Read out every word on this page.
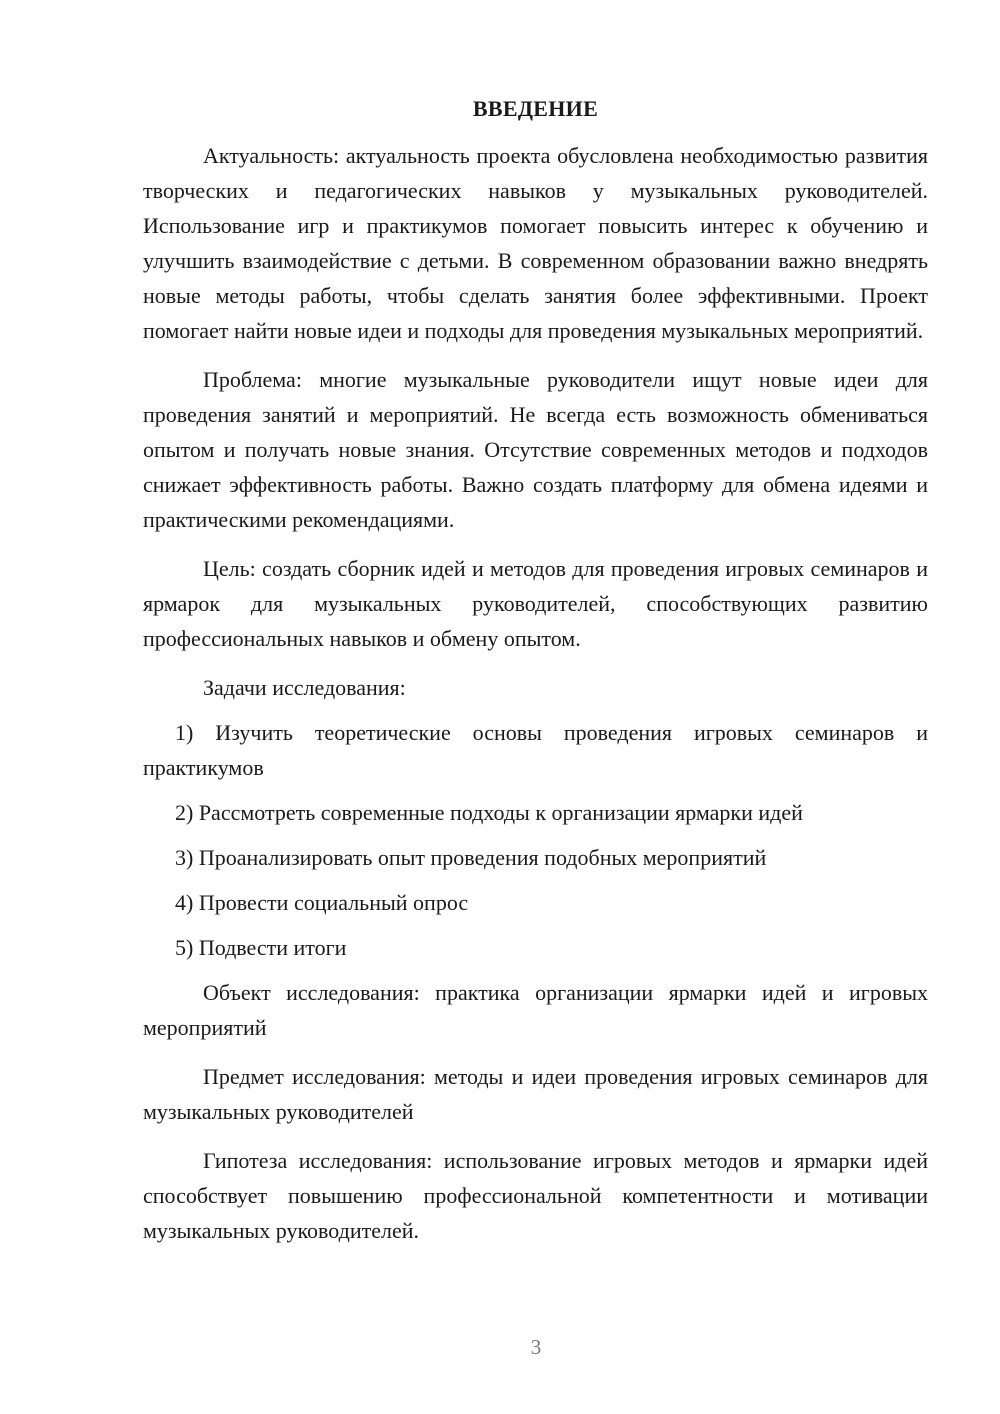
ВВЕДЕНИЕ

Актуальность: актуальность проекта обусловлена необходимостью развития творческих и педагогических навыков у музыкальных руководителей. Использование игр и практикумов помогает повысить интерес к обучению и улучшить взаимодействие с детьми. В современном образовании важно внедрять новые методы работы, чтобы сделать занятия более эффективными. Проект помогает найти новые идеи и подходы для проведения музыкальных мероприятий.

Проблема: многие музыкальные руководители ищут новые идеи для проведения занятий и мероприятий. Не всегда есть возможность обмениваться опытом и получать новые знания. Отсутствие современных методов и подходов снижает эффективность работы. Важно создать платформу для обмена идеями и практическими рекомендациями.

Цель: создать сборник идей и методов для проведения игровых семинаров и ярмарок для музыкальных руководителей, способствующих развитию профессиональных навыков и обмену опытом.

Задачи исследования:

1) Изучить теоретические основы проведения игровых семинаров и практикумов

2) Рассмотреть современные подходы к организации ярмарки идей

3) Проанализировать опыт проведения подобных мероприятий

4) Провести социальный опрос

5) Подвести итоги

Объект исследования: практика организации ярмарки идей и игровых мероприятий

Предмет исследования: методы и идеи проведения игровых семинаров для музыкальных руководителей

Гипотеза исследования: использование игровых методов и ярмарки идей способствует повышению профессиональной компетентности и мотивации музыкальных руководителей.

3
